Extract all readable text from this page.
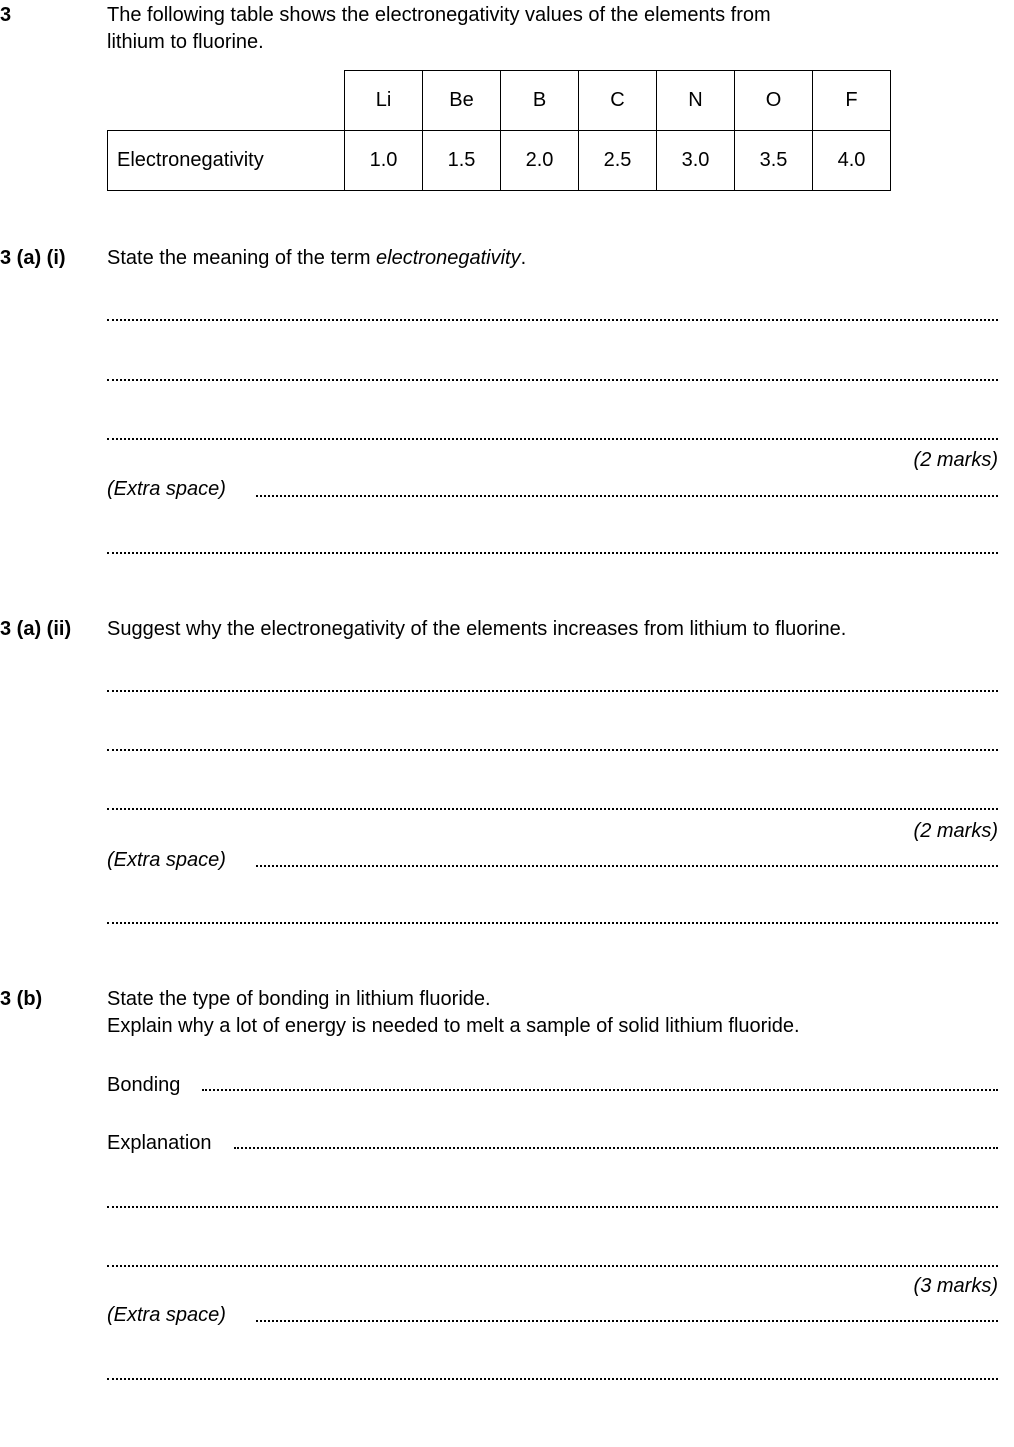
3	The following table shows the electronegativity values of the elements from
lithium to fluorine.
	Li	Be	B	C	N	O	F
Electronegativity	1.0	1.5	2.0	2.5	3.0	3.5	4.0
3 (a) (i) State the meaning of the term electronegativity.
(2 marks)
(Extra space)
3 (a) (ii) Suggest why the electronegativity of the elements increases from lithium to fluorine.
(2 marks)
(Extra space)
3 (b)	State the type of bonding in lithium fluoride.
Explain why a lot of energy is needed to melt a sample of solid lithium fluoride.
Bonding
Explanation
(3 marks)
(Extra space)
